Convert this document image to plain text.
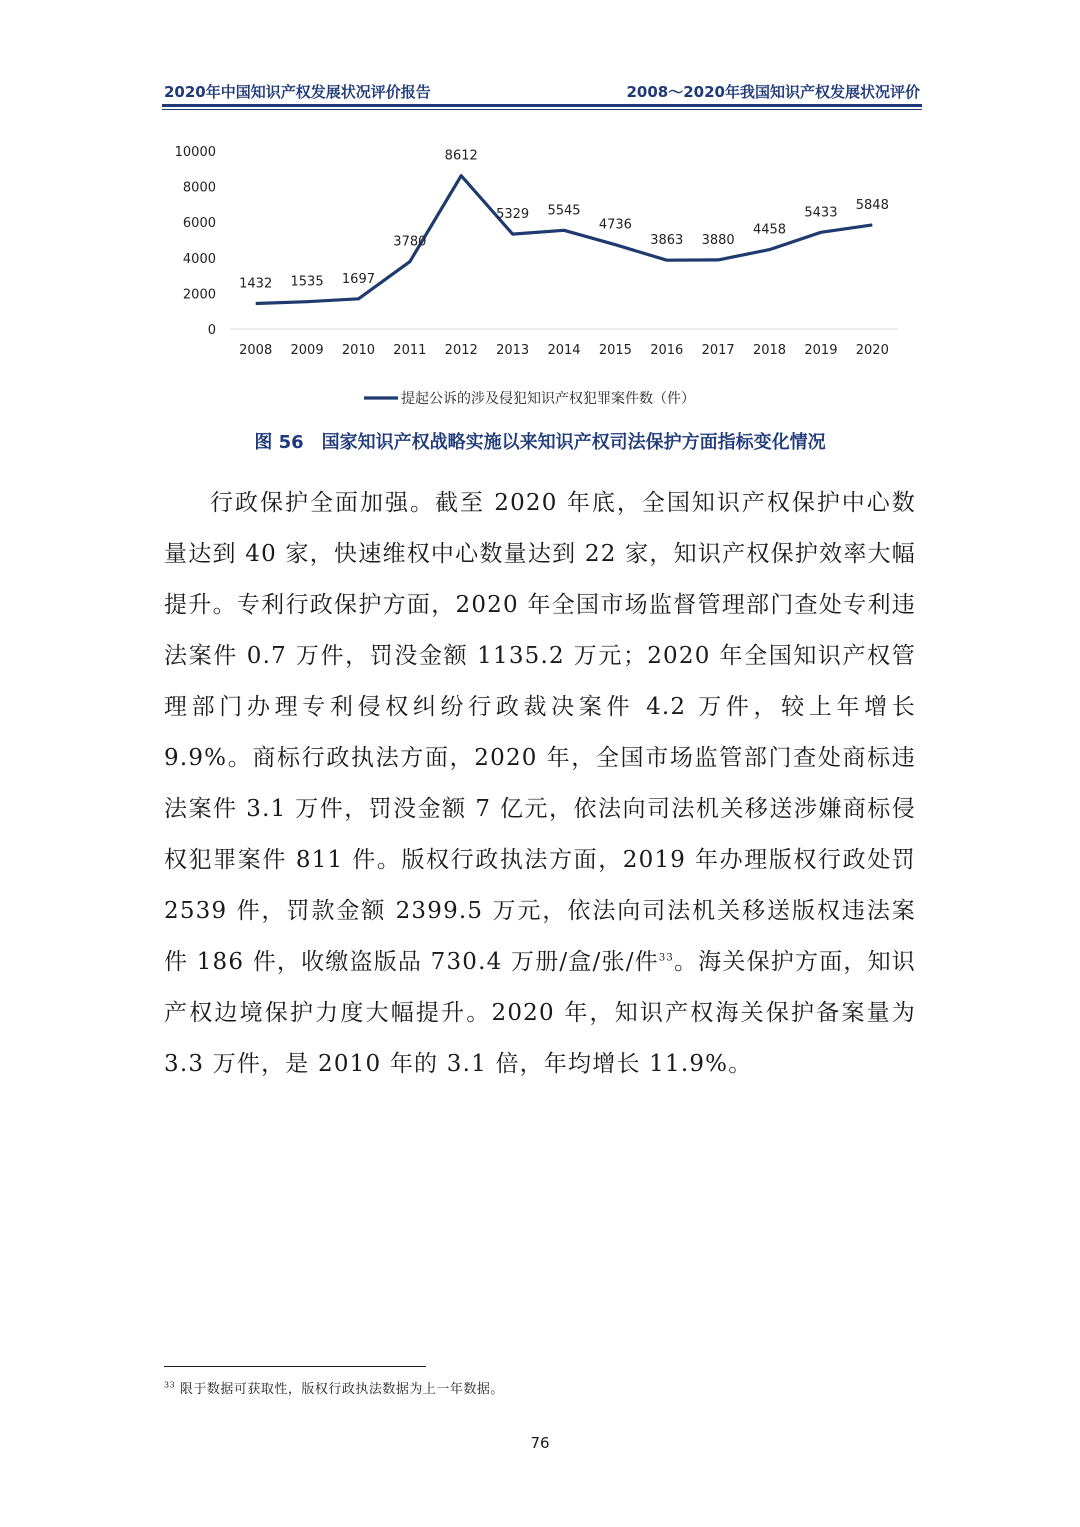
2020年中国知识产权发展状况评价报告	2008～2020年我国知识产权发展状况评价
0
2000
4000
6000
8000
10000
2008 2009 2010 2011 2012 2013 2014 2015 2016 2017 2018 2019 2020
1432 1535 1697
3780
8612
5329 5545
4736
3863 3880
4458
5433 5848
提起公诉的涉及侵犯知识产权犯罪案件数（件）
图 56　国家知识产权战略实施以来知识产权司法保护方面指标变化情况

行政保护全面加强。截至 2020 年底，全国知识产权保护中心数量达到 40 家，快速维权中心数量达到 22 家，知识产权保护效率大幅提升。专利行政保护方面，2020 年全国市场监督管理部门查处专利违法案件 0.7 万件，罚没金额 1135.2 万元；2020 年全国知识产权管理部门办理专利侵权纠纷行政裁决案件 4.2 万件，较上年增长 9.9%。商标行政执法方面，2020 年，全国市场监管部门查处商标违法案件 3.1 万件，罚没金额 7 亿元，依法向司法机关移送涉嫌商标侵权犯罪案件 811 件。版权行政执法方面，2019 年办理版权行政处罚 2539 件，罚款金额 2399.5 万元，依法向司法机关移送版权违法案件 186 件，收缴盗版品 730.4 万册/盒/张/件$^{33}$。海关保护方面，知识产权边境保护力度大幅提升。2020 年，知识产权海关保护备案量为 3.3 万件，是 2010 年的 3.1 倍，年均增长 11.9%。

$^{33}$ 限于数据可获取性，版权行政执法数据为上一年数据。
76
